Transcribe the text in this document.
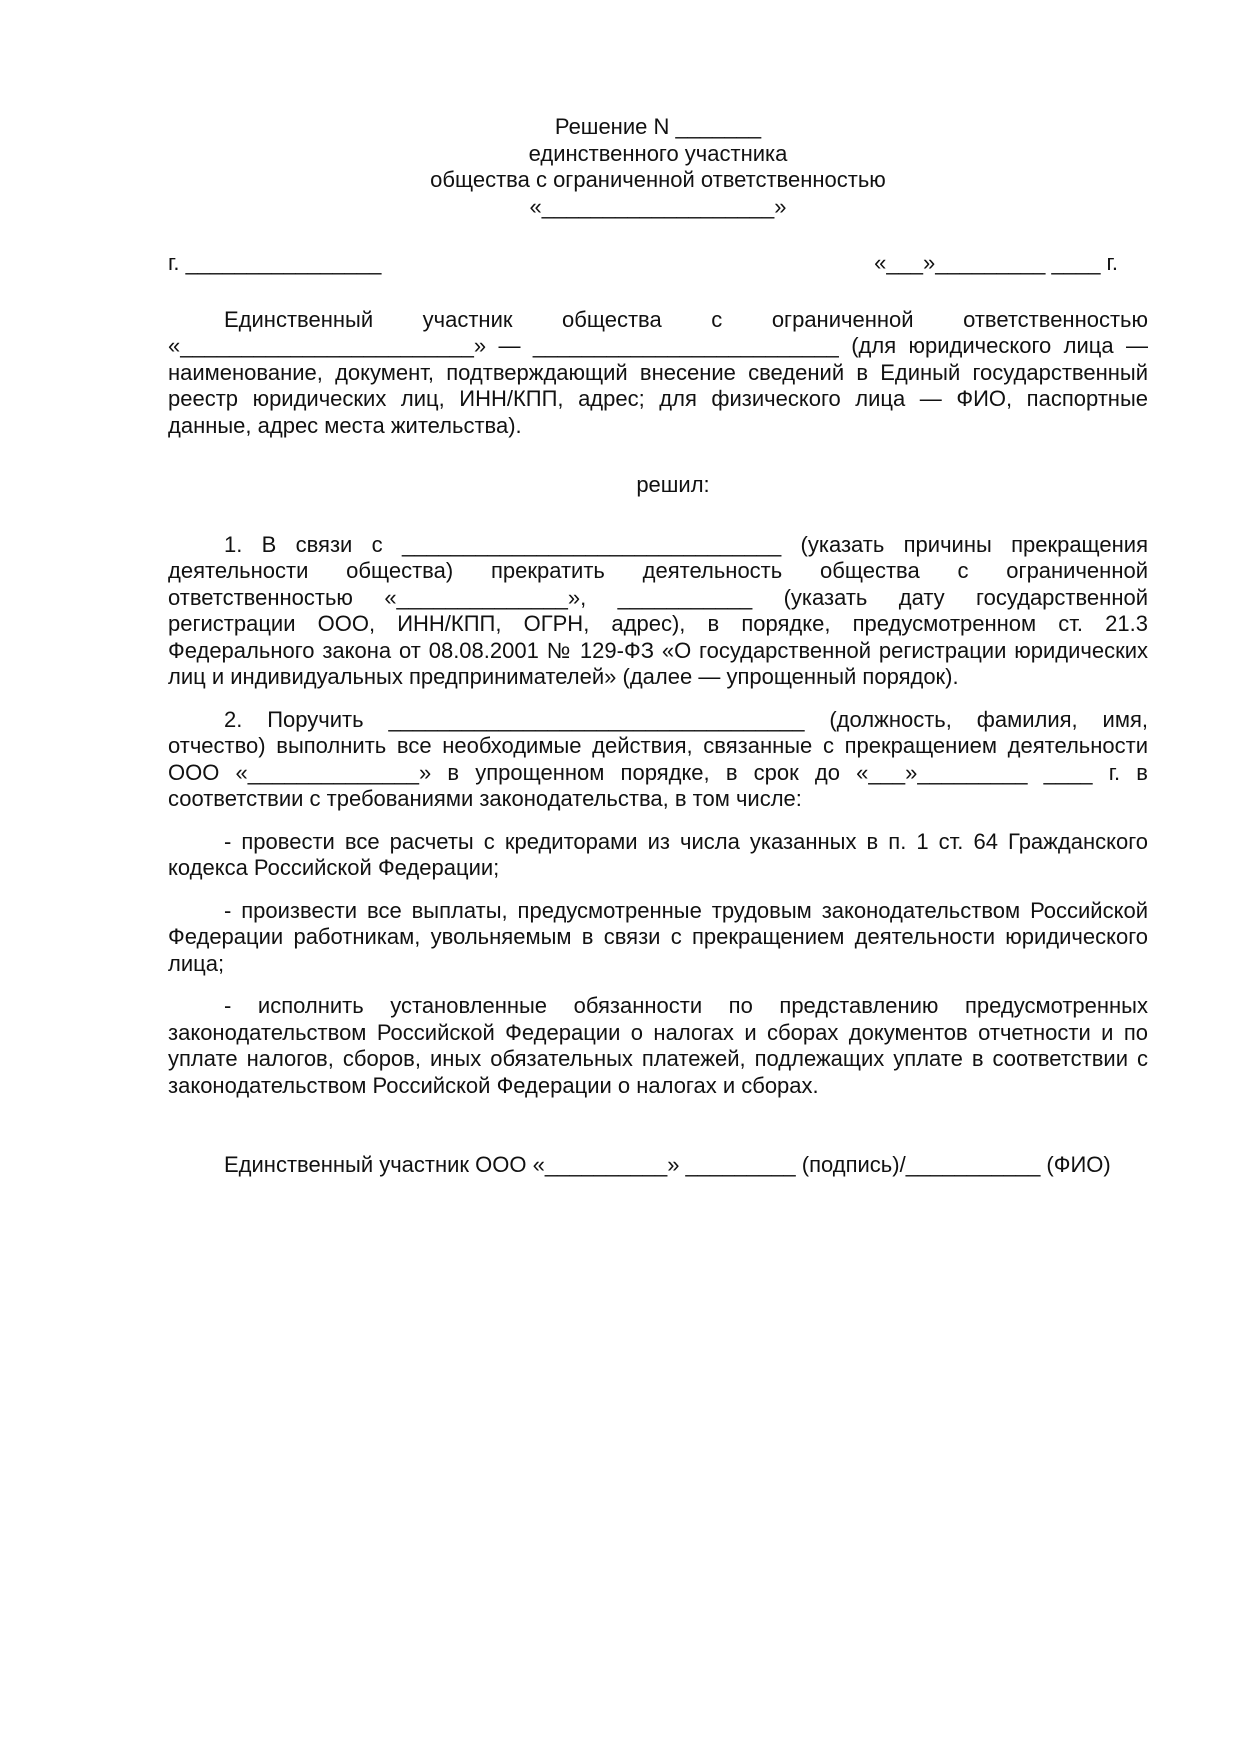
Решение N _______
единственного участника
общества с ограниченной ответственностью
«___________________»
г. ________________	«___»_________ ____ г.

Единственный участник общества с ограниченной ответственностью «________________________» — _________________________ (для юридического лица — наименование, документ, подтверждающий внесение сведений в Единый государственный реестр юридических лиц, ИНН/КПП, адрес; для физического лица — ФИО, паспортные данные, адрес места жительства).

решил:

1. В связи с _______________________________ (указать причины прекращения деятельности общества) прекратить деятельность общества с ограниченной ответственностью «______________», ___________ (указать дату государственной регистрации ООО, ИНН/КПП, ОГРН, адрес), в порядке, предусмотренном ст. 21.3 Федерального закона от 08.08.2001 № 129-ФЗ «О государственной регистрации юридических лиц и индивидуальных предпринимателей» (далее — упрощенный порядок).

2. Поручить __________________________________ (должность, фамилия, имя, отчество) выполнить все необходимые действия, связанные с прекращением деятельности ООО «______________» в упрощенном порядке, в срок до «___»_________ ____ г. в соответствии с требованиями законодательства, в том числе:

- провести все расчеты с кредиторами из числа указанных в п. 1 ст. 64 Гражданского кодекса Российской Федерации;

- произвести все выплаты, предусмотренные трудовым законодательством Российской Федерации работникам, увольняемым в связи с прекращением деятельности юридического лица;

- исполнить установленные обязанности по представлению предусмотренных законодательством Российской Федерации о налогах и сборах документов отчетности и по уплате налогов, сборов, иных обязательных платежей, подлежащих уплате в соответствии с законодательством Российской Федерации о налогах и сборах.

Единственный участник ООО «__________» _________ (подпись)/___________ (ФИО)
